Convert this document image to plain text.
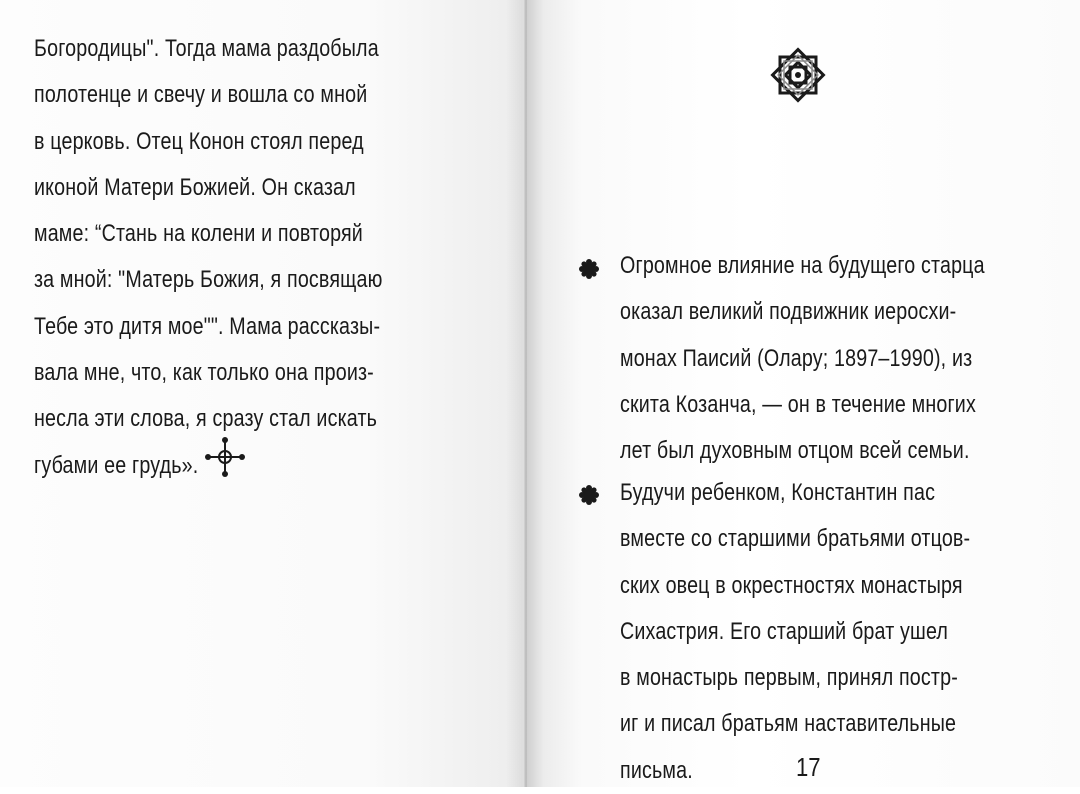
Богородицы". Тогда мама раздобыла
полотенце и свечу и вошла со мной
в церковь. Отец Конон стоял перед
иконой Матери Божией. Он сказал
маме: “Стань на колени и повторяй
за мной: "Матерь Божия, я посвящаю
Тебе это дитя мое"". Мама рассказы-
вала мне, что, как только она произ-
несла эти слова, я сразу стал искать
губами ее грудь».
Огромное влияние на будущего старца
оказал великий подвижник иеросхи-
монах Паисий (Олару; 1897–1990), из
скита Козанча, — он в течение многих
лет был духовным отцом всей семьи.
Будучи ребенком, Константин пас
вместе со старшими братьями отцов-
ских овец в окрестностях монастыря
Сихастрия. Его старший брат ушел
в монастырь первым, принял постр-
иг и писал братьям наставительные
письма.	17
